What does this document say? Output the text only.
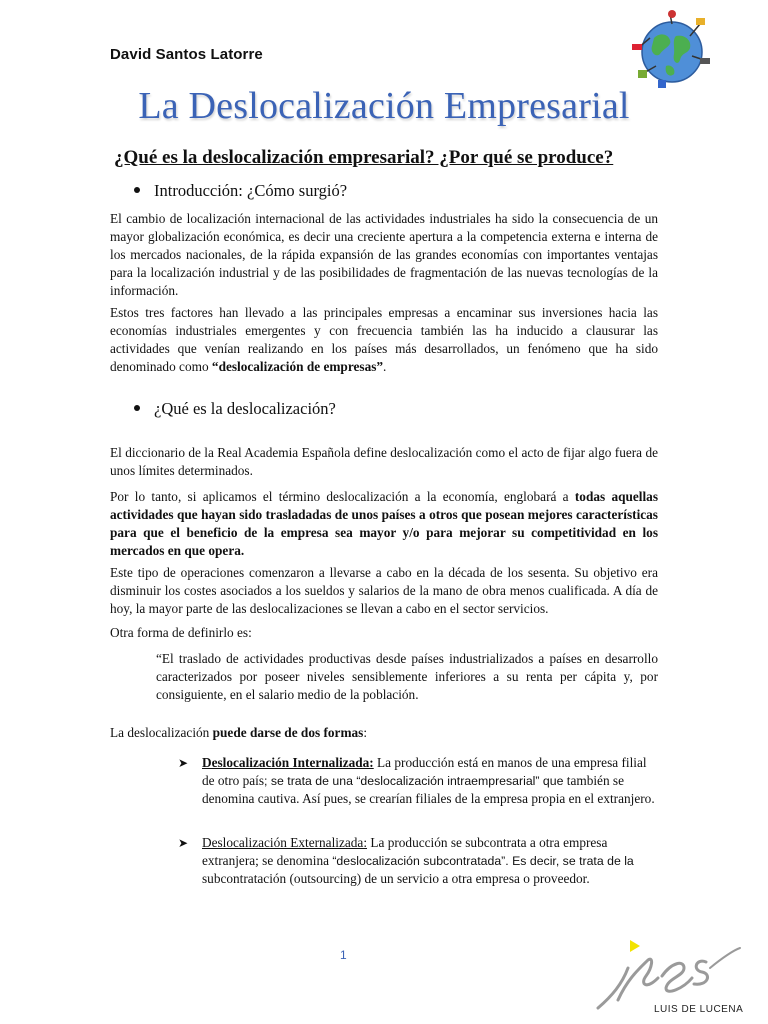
David Santos Latorre
La Deslocalización Empresarial
¿Qué es la deslocalización empresarial? ¿Por qué se produce?
Introducción: ¿Cómo surgió?
El cambio de localización internacional de las actividades industriales ha sido la consecuencia de un mayor globalización económica, es decir una creciente apertura a la competencia externa e interna de los mercados nacionales, de la rápida expansión de las grandes economías con importantes ventajas para la localización industrial y de las posibilidades de fragmentación de las nuevas tecnologías de la información.
Estos tres factores han llevado a las principales empresas a encaminar sus inversiones hacia las economías industriales emergentes y con frecuencia también las ha inducido a clausurar las actividades que venían realizando en los países más desarrollados, un fenómeno que ha sido denominado como “deslocalización de empresas”.
¿Qué es la deslocalización?
El diccionario de la Real Academia Española define deslocalización como el acto de fijar algo fuera de unos límites determinados.
Por lo tanto, si aplicamos el término deslocalización a la economía, englobará a todas aquellas actividades que hayan sido trasladadas de unos países a otros que posean mejores características para que el beneficio de la empresa sea mayor y/o para mejorar su competitividad en los mercados en que opera.
Este tipo de operaciones comenzaron a llevarse a cabo en la década de los sesenta. Su objetivo era disminuir los costes asociados a los sueldos y salarios de la mano de obra menos cualificada. A día de hoy, la mayor parte de las deslocalizaciones se llevan a cabo en el sector servicios.
Otra forma de definirlo es:
“El traslado de actividades productivas desde países industrializados a países en desarrollo caracterizados por poseer niveles sensiblemente inferiores a su renta per cápita y, por consiguiente, en el salario medio de la población.
La deslocalización puede darse de dos formas:
➤ Deslocalización Internalizada: La producción está en manos de una empresa filial de otro país; se trata de una “deslocalización intraempresarial” que también se denomina cautiva. Así pues, se crearían filiales de la empresa propia en el extranjero.
➤ Deslocalización Externalizada: La producción se subcontrata a otra empresa extranjera; se denomina “deslocalización subcontratada”. Es decir, se trata de la subcontratación (outsourcing) de un servicio a otra empresa o proveedor.
1
LUIS DE LUCENA
